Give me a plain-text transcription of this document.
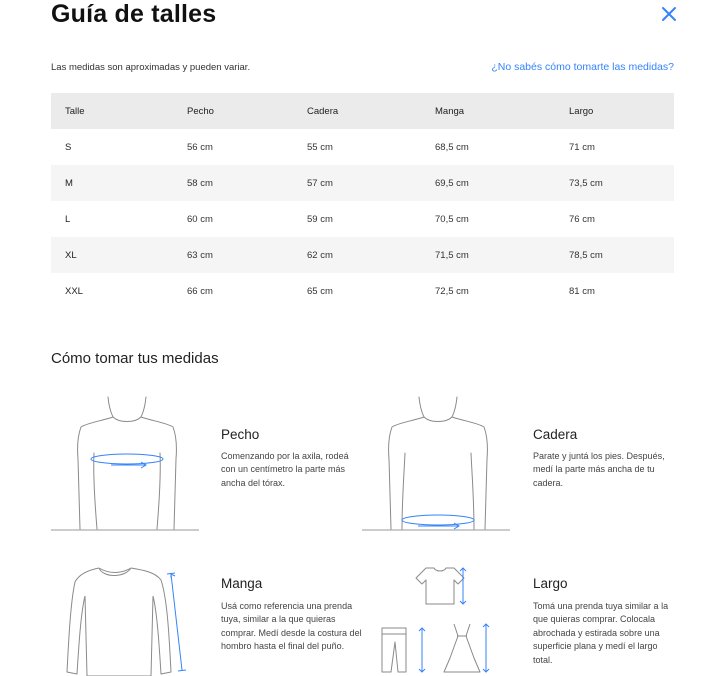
Guía de talles
Las medidas son aproximadas y pueden variar.	¿No sabés cómo tomarte las medidas?
Talle	Pecho	Cadera	Manga	Largo
S	56 cm	55 cm	68,5 cm	71 cm
M	58 cm	57 cm	69,5 cm	73,5 cm
L	60 cm	59 cm	70,5 cm	76 cm
XL	63 cm	62 cm	71,5 cm	78,5 cm
XXL	66 cm	65 cm	72,5 cm	81 cm
Cómo tomar tus medidas
Pecho
Comenzando por la axila, rodeá con un centímetro la parte más ancha del tórax.
Cadera
Parate y juntá los pies. Después, medí la parte más ancha de tu cadera.
Manga
Usá como referencia una prenda tuya, similar a la que quieras comprar. Medí desde la costura del hombro hasta el final del puño.
Largo
Tomá una prenda tuya similar a la que quieras comprar. Colocala abrochada y estirada sobre una superficie plana y medí el largo total.
